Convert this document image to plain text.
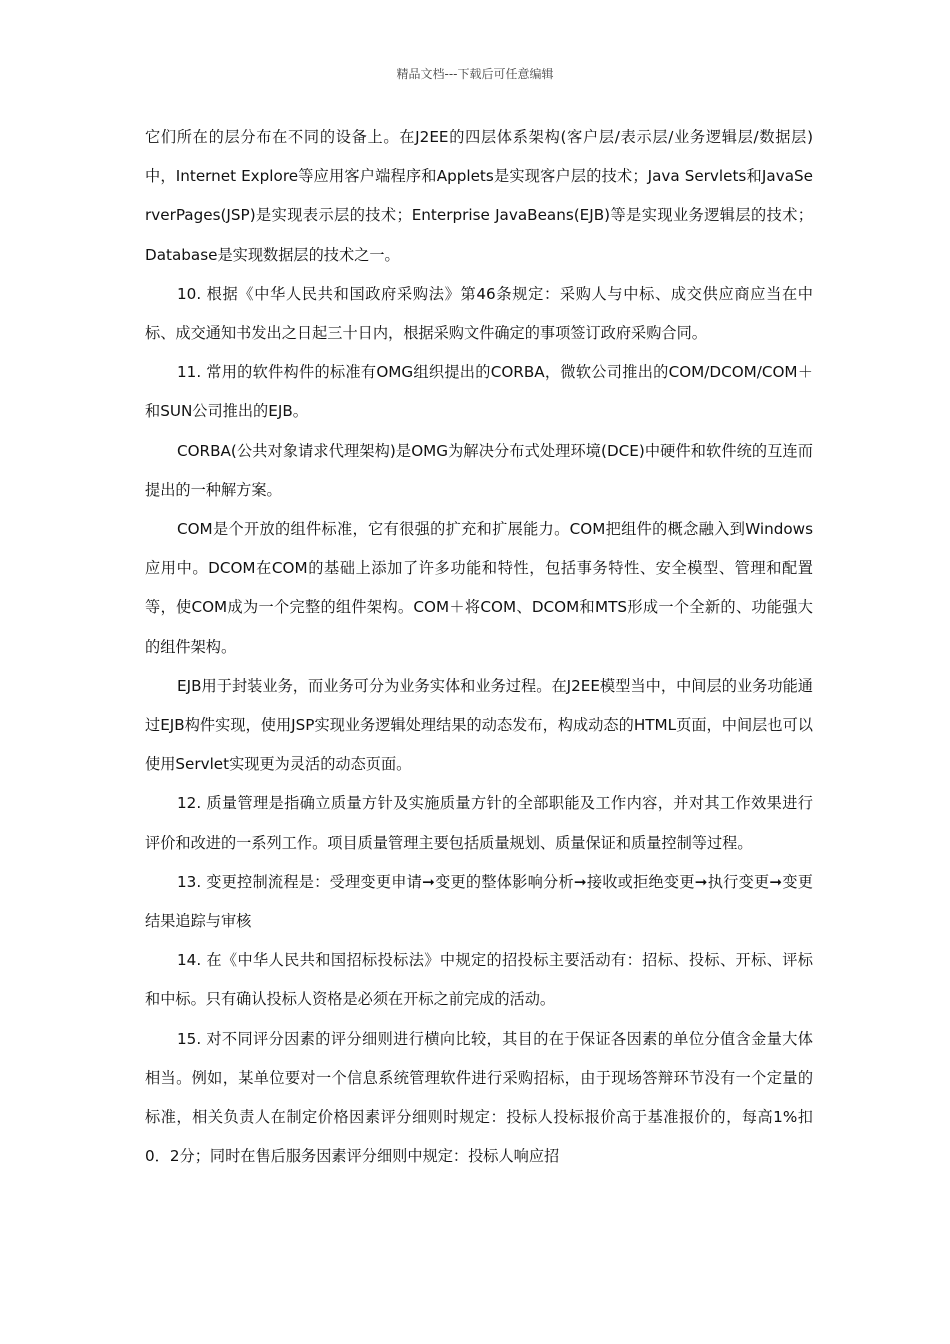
精品文档---下载后可任意编辑

它们所在的层分布在不同的设备上。在J2EE的四层体系架构(客户层/表示层/业务逻辑层/数据层)中，Internet Explore等应用客户端程序和Applets是实现客户层的技术；Java Servlets和JavaServerPages(JSP)是实现表示层的技术；Enterprise JavaBeans(EJB)等是实现业务逻辑层的技术；Database是实现数据层的技术之一。

10. 根据《中华人民共和国政府采购法》第46条规定：采购人与中标、成交供应商应当在中标、成交通知书发出之日起三十日内，根据采购文件确定的事项签订政府采购合同。

11. 常用的软件构件的标准有OMG组织提出的CORBA，微软公司推出的COM/DCOM/COM＋和SUN公司推出的EJB。

CORBA(公共对象请求代理架构)是OMG为解决分布式处理环境(DCE)中硬件和软件统的互连而提出的一种解方案。

COM是个开放的组件标准，它有很强的扩充和扩展能力。COM把组件的概念融入到Windows应用中。DCOM在COM的基础上添加了许多功能和特性，包括事务特性、安全模型、管理和配置等，使COM成为一个完整的组件架构。COM＋将COM、DCOM和MTS形成一个全新的、功能强大的组件架构。

EJB用于封装业务，而业务可分为业务实体和业务过程。在J2EE模型当中，中间层的业务功能通过EJB构件实现，使用JSP实现业务逻辑处理结果的动态发布，构成动态的HTML页面，中间层也可以使用Servlet实现更为灵活的动态页面。

12. 质量管理是指确立质量方针及实施质量方针的全部职能及工作内容，并对其工作效果进行评价和改进的一系列工作。项目质量管理主要包括质量规划、质量保证和质量控制等过程。

13. 变更控制流程是：受理变更申请➞变更的整体影响分析➞接收或拒绝变更➞执行变更➞变更结果追踪与审核

14. 在《中华人民共和国招标投标法》中规定的招投标主要活动有：招标、投标、开标、评标和中标。只有确认投标人资格是必须在开标之前完成的活动。

15. 对不同评分因素的评分细则进行横向比较，其目的在于保证各因素的单位分值含金量大体相当。例如，某单位要对一个信息系统管理软件进行采购招标，由于现场答辩环节没有一个定量的标准，相关负责人在制定价格因素评分细则时规定：投标人投标报价高于基准报价的，每高1%扣0．2分；同时在售后服务因素评分细则中规定：投标人响应招
